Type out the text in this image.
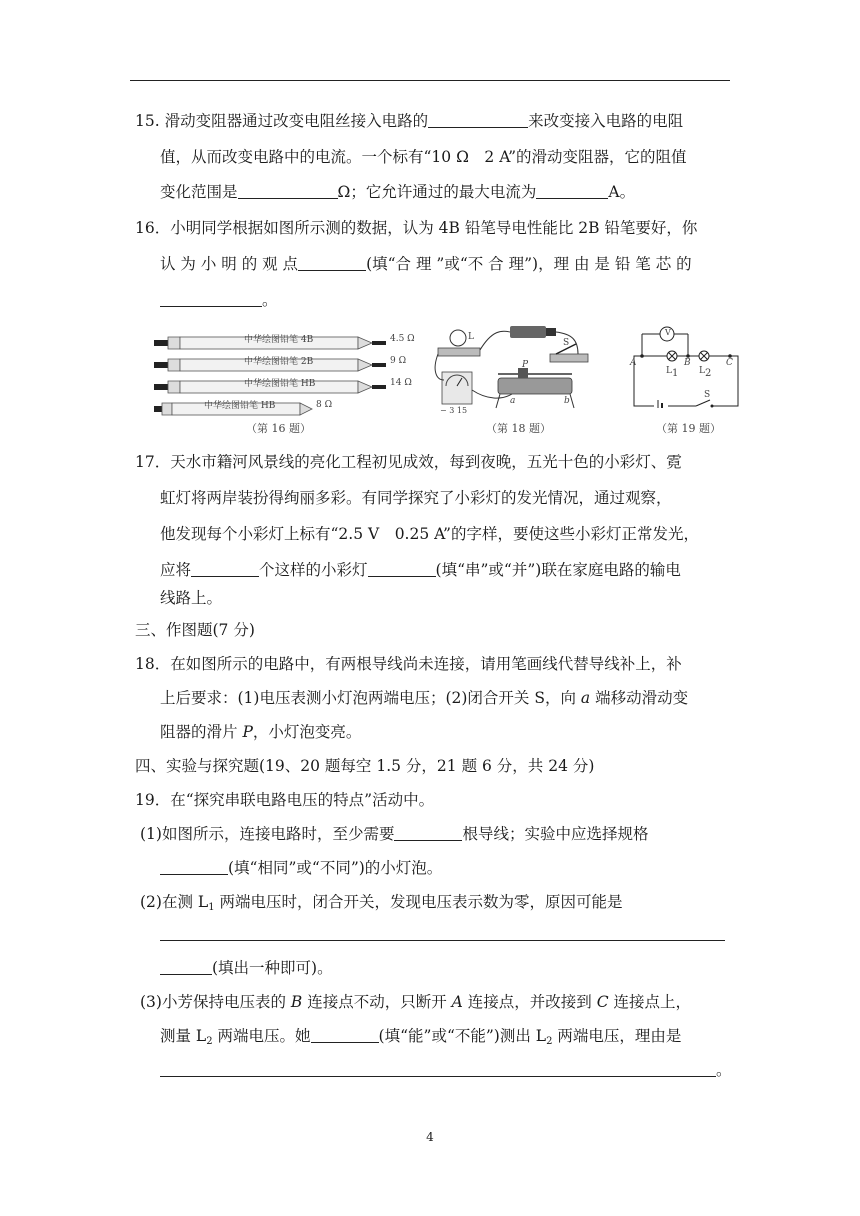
15. 滑动变阻器通过改变电阻丝接入电路的	来改变接入电路的电阻
值，从而改变电路中的电流。一个标有“10 Ω　2 A”的滑动变阻器，它的阻值
变化范围是	Ω；它允许通过的最大电流为	A。
16．小明同学根据如图所示测的数据，认为 4B 铅笔导电性能比 2B 铅笔要好，你
认 为 小 明 的 观 点	(填“合 理 ”或“不 合 理”)，理 由 是 铅 笔 芯 的
。
中华绘图铅笔 4B
中华绘图铅笔 2B
中华绘图铅笔 HB
中华绘图铅笔 HB
4.5 Ω
9 Ω
14 Ω
8 Ω
（第 16 题）
L
S
P
a	b
− 3 15
（第 18 题）
V
A	B	C
L1 L2
S
（第 19 题）
17．天水市籍河风景线的亮化工程初见成效，每到夜晚，五光十色的小彩灯、霓
虹灯将两岸装扮得绚丽多彩。有同学探究了小彩灯的发光情况，通过观察，
他发现每个小彩灯上标有“2.5 V　0.25 A”的字样，要使这些小彩灯正常发光，
应将	个这样的小彩灯	(填“串”或“并”)联在家庭电路的输电
线路上。
三、作图题(7 分)
18．在如图所示的电路中，有两根导线尚未连接，请用笔画线代替导线补上，补
上后要求：(1)电压表测小灯泡两端电压；(2)闭合开关 S，向 a 端移动滑动变
阻器的滑片 P，小灯泡变亮。
四、实验与探究题(19、20 题每空 1.5 分，21 题 6 分，共 24 分)
19．在“探究串联电路电压的特点”活动中。
(1)如图所示，连接电路时，至少需要	根导线；实验中应选择规格
(填“相同”或“不同”)的小灯泡。
(2)在测 $L_1$ 两端电压时，闭合开关，发现电压表示数为零，原因可能是
(填出一种即可)。
(3)小芳保持电压表的 B 连接点不动，只断开 A 连接点，并改接到 C 连接点上，
测量 $L_2$ 两端电压。她	(填“能”或“不能”)测出 $L_2$ 两端电压，理由是
。
4
